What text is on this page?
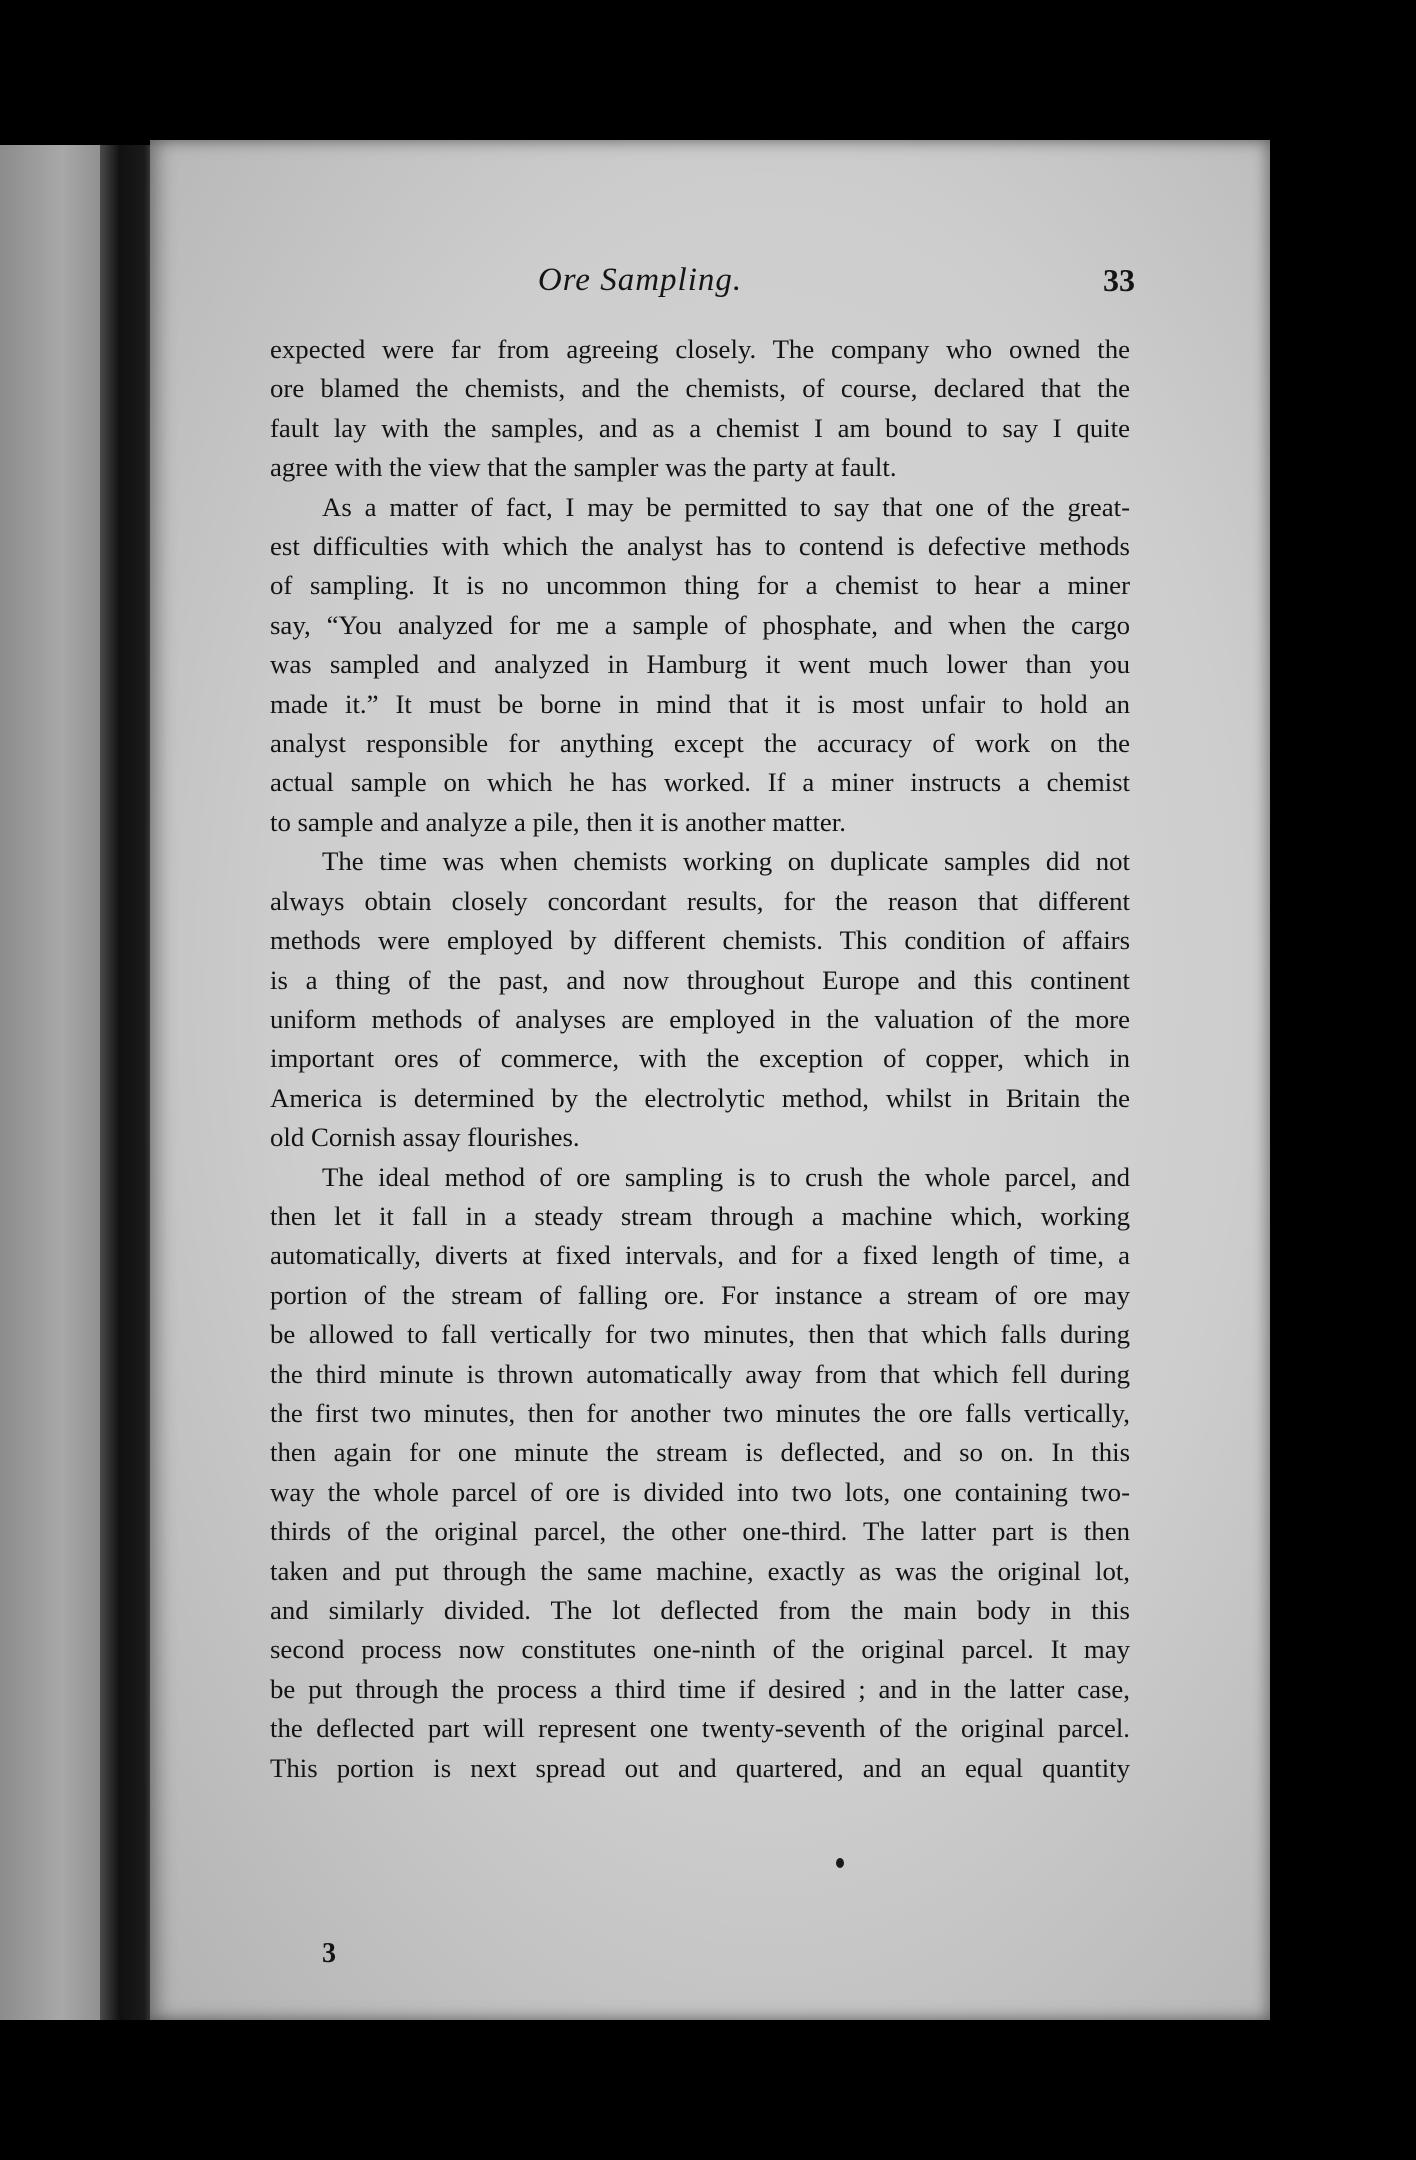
Ore Sampling.	33

expected were far from agreeing closely. The company who owned the
ore blamed the chemists, and the chemists, of course, declared that the
fault lay with the samples, and as a chemist I am bound to say I quite
agree with the view that the sampler was the party at fault.

As a matter of fact, I may be permitted to say that one of the great-
est difficulties with which the analyst has to contend is defective methods
of sampling. It is no uncommon thing for a chemist to hear a miner
say, “You analyzed for me a sample of phosphate, and when the cargo
was sampled and analyzed in Hamburg it went much lower than you
made it.” It must be borne in mind that it is most unfair to hold an
analyst responsible for anything except the accuracy of work on the
actual sample on which he has worked. If a miner instructs a chemist
to sample and analyze a pile, then it is another matter.

The time was when chemists working on duplicate samples did not
always obtain closely concordant results, for the reason that different
methods were employed by different chemists. This condition of affairs
is a thing of the past, and now throughout Europe and this continent
uniform methods of analyses are employed in the valuation of the more
important ores of commerce, with the exception of copper, which in
America is determined by the electrolytic method, whilst in Britain the
old Cornish assay flourishes.

The ideal method of ore sampling is to crush the whole parcel, and
then let it fall in a steady stream through a machine which, working
automatically, diverts at fixed intervals, and for a fixed length of time, a
portion of the stream of falling ore. For instance a stream of ore may
be allowed to fall vertically for two minutes, then that which falls during
the third minute is thrown automatically away from that which fell during
the first two minutes, then for another two minutes the ore falls vertically,
then again for one minute the stream is deflected, and so on. In this
way the whole parcel of ore is divided into two lots, one containing two-
thirds of the original parcel, the other one-third. The latter part is then
taken and put through the same machine, exactly as was the original lot,
and similarly divided. The lot deflected from the main body in this
second process now constitutes one-ninth of the original parcel. It may
be put through the process a third time if desired ; and in the latter case,
the deflected part will represent one twenty-seventh of the original parcel.
This portion is next spread out and quartered, and an equal quantity

3
